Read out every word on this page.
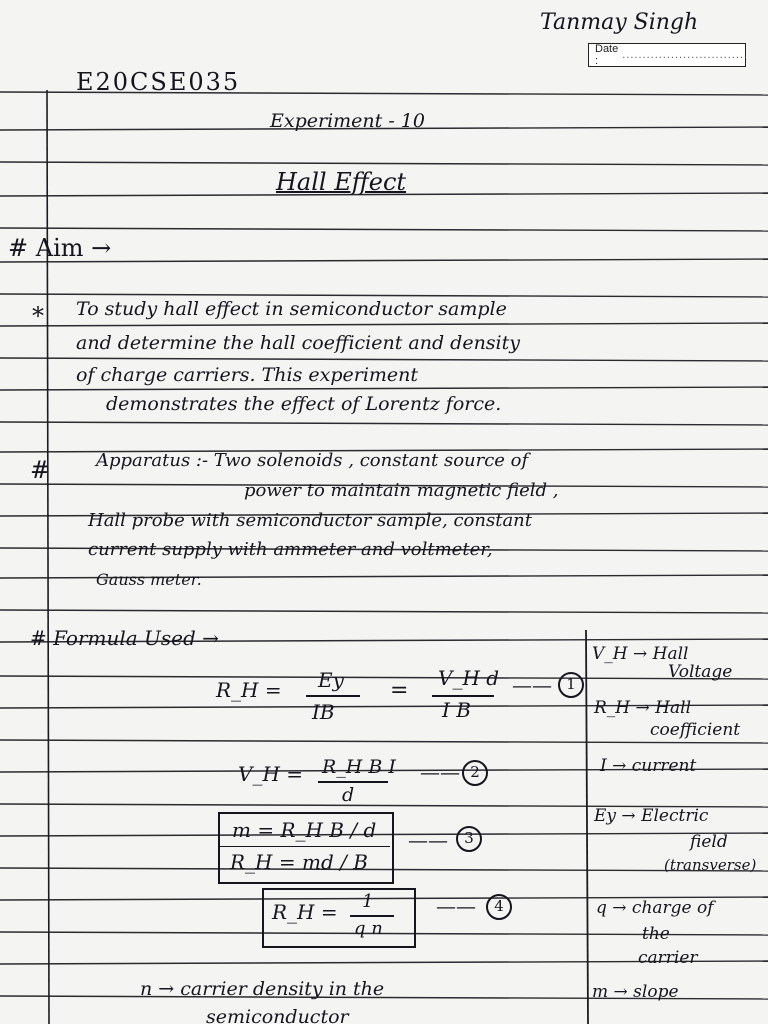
Tanmay Singh
Date :	...............................
E20CSE035
Experiment - 10
Hall Effect
# Aim →
* To study hall effect in semiconductor sample
and determine the hall coefficient and density
of charge carriers. This experiment
demonstrates the effect of Lorentz force.
#	Apparatus :- Two solenoids , constant source of
power to maintain magnetic field ,
Hall probe with semiconductor sample, constant
current supply with ammeter and voltmeter,
Gauss meter.
# Formula Used →
R_H = Ey
IB
= V_H d
I B
—— 1
V_H = R_H B I
d
—— 2
m = R_H B / d
R_H = md / B
——	3
R_H = 1
q n
——	4
n → carrier density in the
semiconductor
V_H → Hall
Voltage
R_H → Hall
coefficient
I → current
Ey → Electric
field
(transverse)
q → charge of
the
carrier
m → slope
